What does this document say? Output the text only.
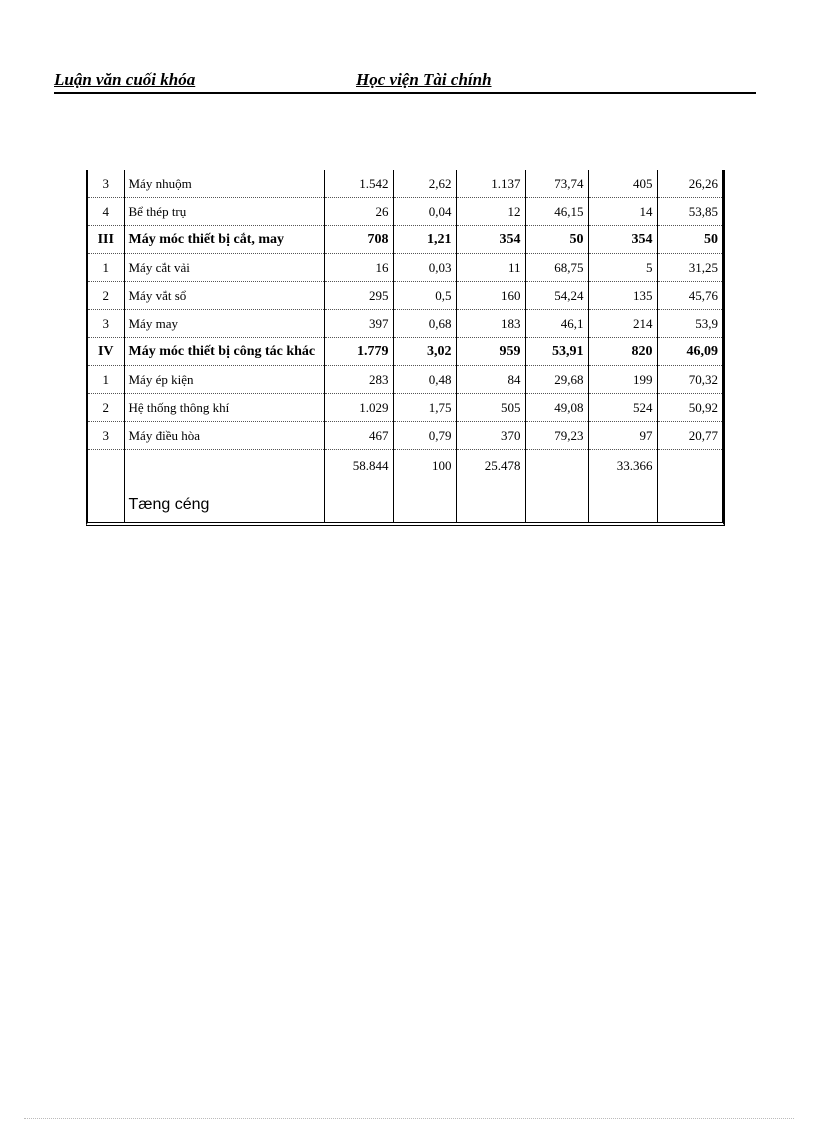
Luận văn cuối khóa	Học viện Tài chính
3	Máy nhuộm	1.542	2,62	1.137	73,74	405	26,26
4	Bể thép trụ	26	0,04	12	46,15	14	53,85
III	Máy móc thiết bị cắt, may	708	1,21	354	50	354	50
1	Máy cắt vải	16	0,03	11	68,75	5	31,25
2	Máy vắt sổ	295	0,5	160	54,24	135	45,76
3	Máy may	397	0,68	183	46,1	214	53,9
IV	Máy móc thiết bị công tác khác	1.779	3,02	959	53,91	820	46,09
1	Máy ép kiện	283	0,48	84	29,68	199	70,32
2	Hệ thống thông khí	1.029	1,75	505	49,08	524	50,92
3	Máy điều hòa	467	0,79	370	79,23	97	20,77
	Tæng céng	58.844	100	25.478		33.366	
